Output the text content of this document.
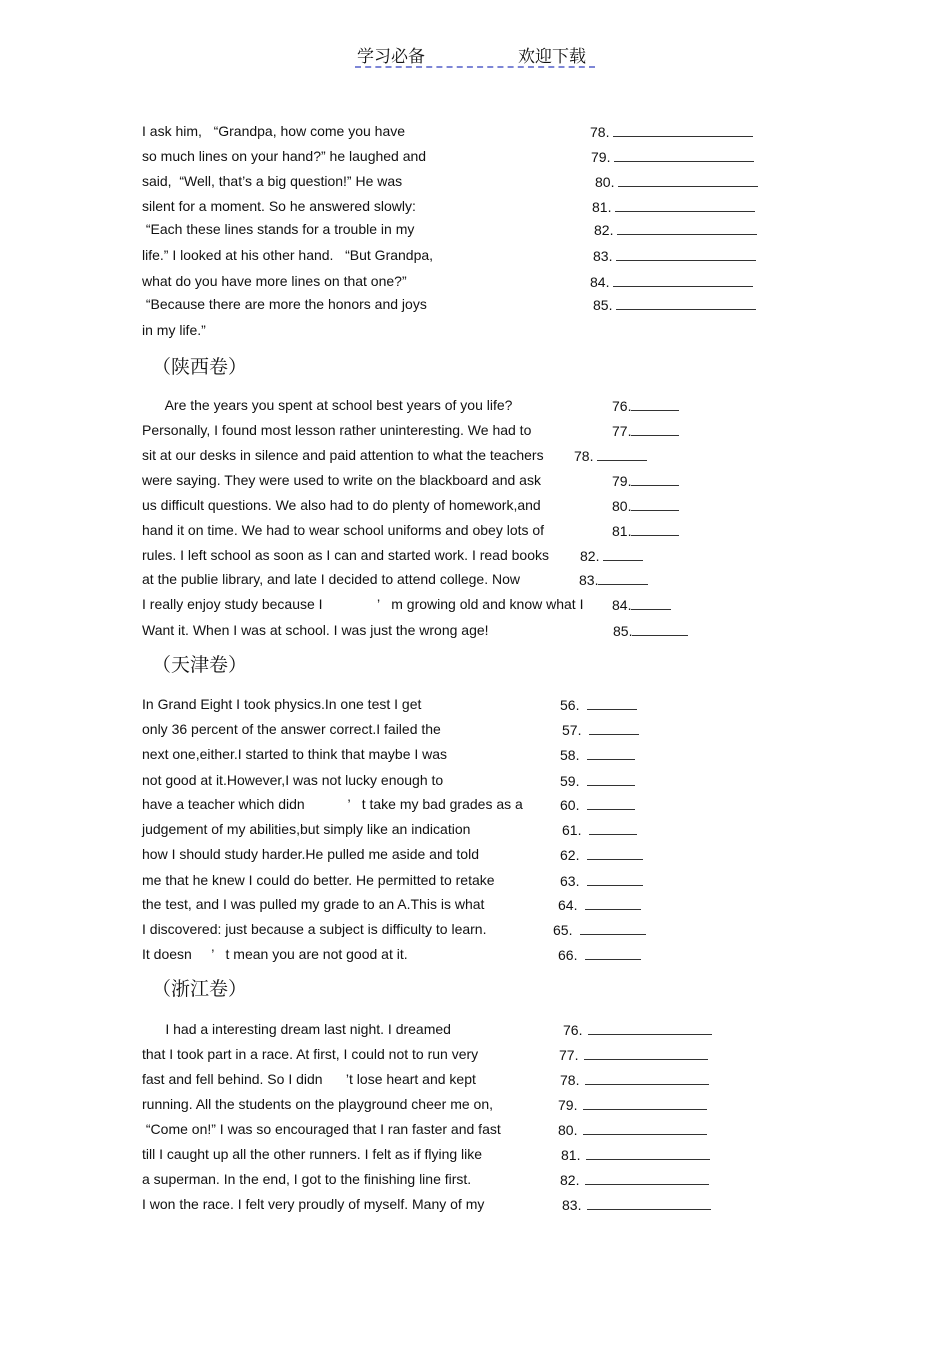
学习必备	欢迎下载
I ask him,   “Grandpa, how come you have
so much lines on your hand?” he laughed and
said,  “Well, that’s a big question!” He was
silent for a moment. So he answered slowly:
“Each these lines stands for a trouble in my
life.” I looked at his other hand.   “But Grandpa,
what do you have more lines on that one?”
“Because there are more the honors and joys
in my life.”
78.
79.
80.
81.
82.
83.
84.
85.
（陕西卷）
Are the years you spent at school best years of you life?
Personally, I found most lesson rather uninteresting. We had to
sit at our desks in silence and paid attention to what the teachers
were saying. They were used to write on the blackboard and ask
us difficult questions. We also had to do plenty of homework,and
hand it on time. We had to wear school uniforms and obey lots of
rules. I left school as soon as I can and started work. I read books
at the publie library, and late I decided to attend college. Now
I really enjoy study because I              ’   m growing old and know what I
Want it. When I was at school. I was just the wrong age!
76.
77.
78.
79.
80.
81.
82.
83.
84.
85.
（天津卷）
In Grand Eight I took physics.In one test I get
only 36 percent of the answer correct.I failed the
next one,either.I started to think that maybe I was
not good at it.However,I was not lucky enough to
have a teacher which didn           ’   t take my bad grades as a
judgement of my abilities,but simply like an indication
how I should study harder.He pulled me aside and told
me that he knew I could do better. He permitted to retake
the test, and I was pulled my grade to an A.This is what
I discovered: just because a subject is difficulty to learn.
It doesn     ’   t mean you are not good at it.
56.
57.
58.
59.
60.
61.
62.
63.
64.
65.
66.
（浙江卷）
I had a interesting dream last night. I dreamed
that I took part in a race. At first, I could not to run very
fast and fell behind. So I didn      ’t lose heart and kept
running. All the students on the playground cheer me on,
“Come on!” I was so encouraged that I ran faster and fast
till I caught up all the other runners. I felt as if flying like
a superman. In the end, I got to the finishing line first.
I won the race. I felt very proudly of myself. Many of my
76.
77.
78.
79.
80.
81.
82.
83.
